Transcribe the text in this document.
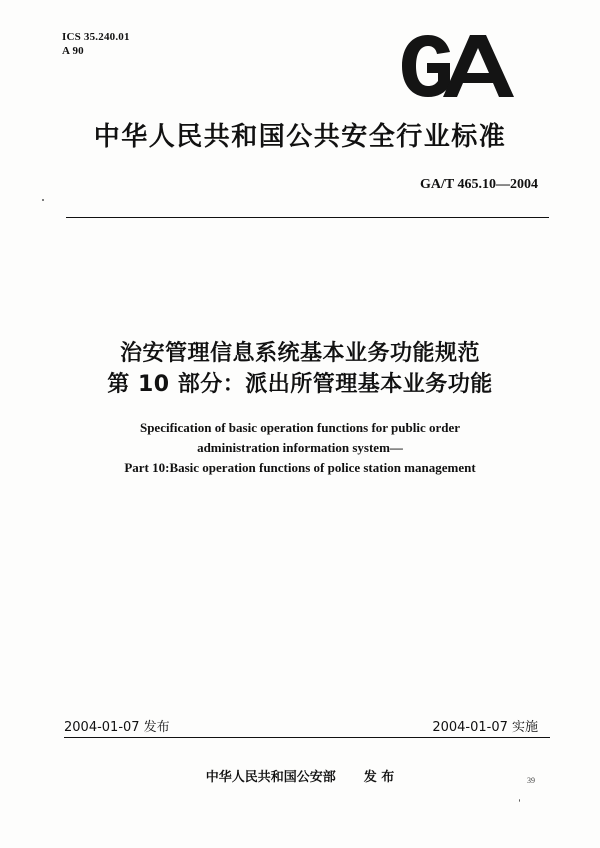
ICS 35.240.01
A 90
中华人民共和国公共安全行业标准
GA/T 465.10—2004
治安管理信息系统基本业务功能规范
第 10 部分：派出所管理基本业务功能
Specification of basic operation functions for public order
administration information system—
Part 10:Basic operation functions of police station management
2004-01-07 发布	2004-01-07 实施
中华人民共和国公安部 发 布	39
